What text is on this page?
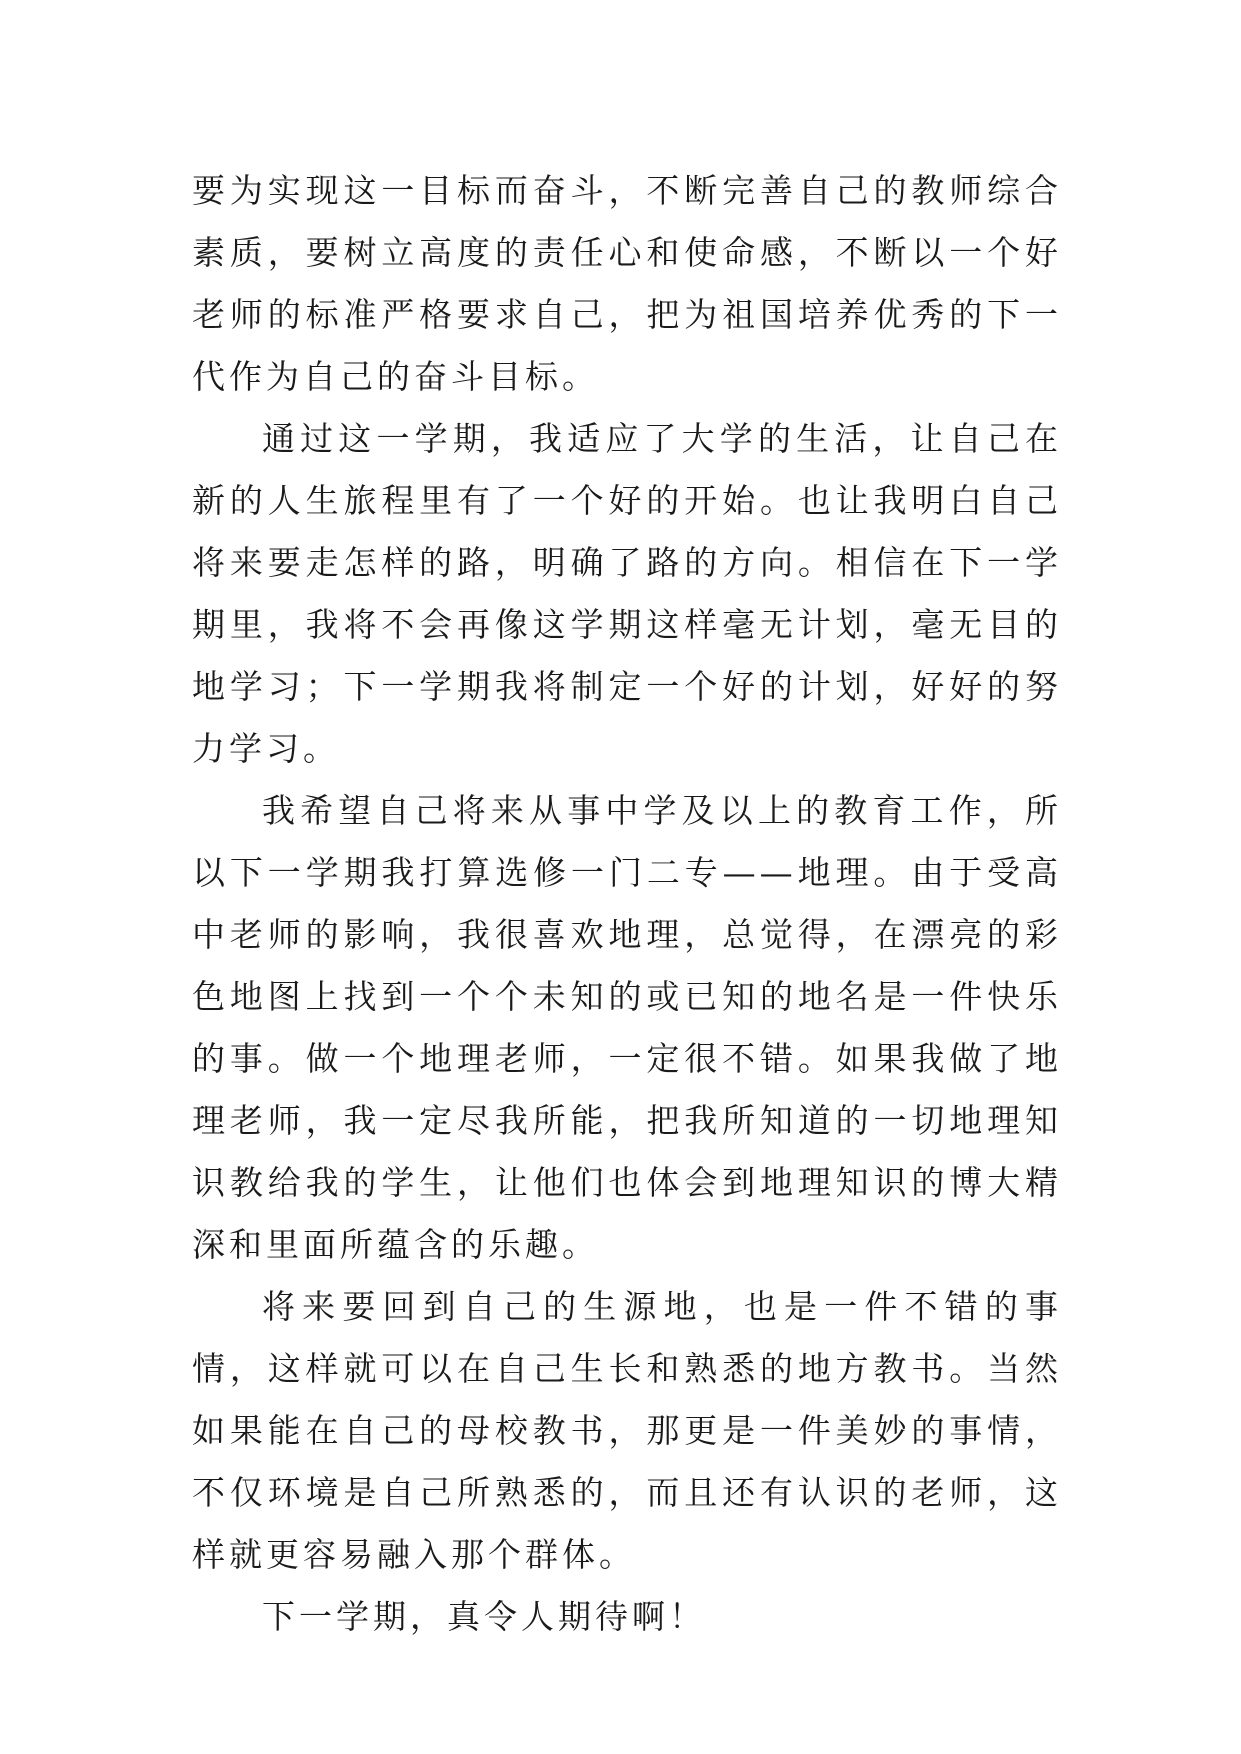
要为实现这一目标而奋斗，不断完善自己的教师综合素质，要树立高度的责任心和使命感，不断以一个好老师的标准严格要求自己，把为祖国培养优秀的下一代作为自己的奋斗目标。

通过这一学期，我适应了大学的生活，让自己在新的人生旅程里有了一个好的开始。也让我明白自己将来要走怎样的路，明确了路的方向。相信在下一学期里，我将不会再像这学期这样毫无计划，毫无目的地学习；下一学期我将制定一个好的计划，好好的努力学习。

我希望自己将来从事中学及以上的教育工作，所以下一学期我打算选修一门二专——地理。由于受高中老师的影响，我很喜欢地理，总觉得，在漂亮的彩色地图上找到一个个未知的或已知的地名是一件快乐的事。做一个地理老师，一定很不错。如果我做了地理老师，我一定尽我所能，把我所知道的一切地理知识教给我的学生，让他们也体会到地理知识的博大精深和里面所蕴含的乐趣。

将来要回到自己的生源地，也是一件不错的事情，这样就可以在自己生长和熟悉的地方教书。当然如果能在自己的母校教书，那更是一件美妙的事情，不仅环境是自己所熟悉的，而且还有认识的老师，这样就更容易融入那个群体。

下一学期，真令人期待啊！
